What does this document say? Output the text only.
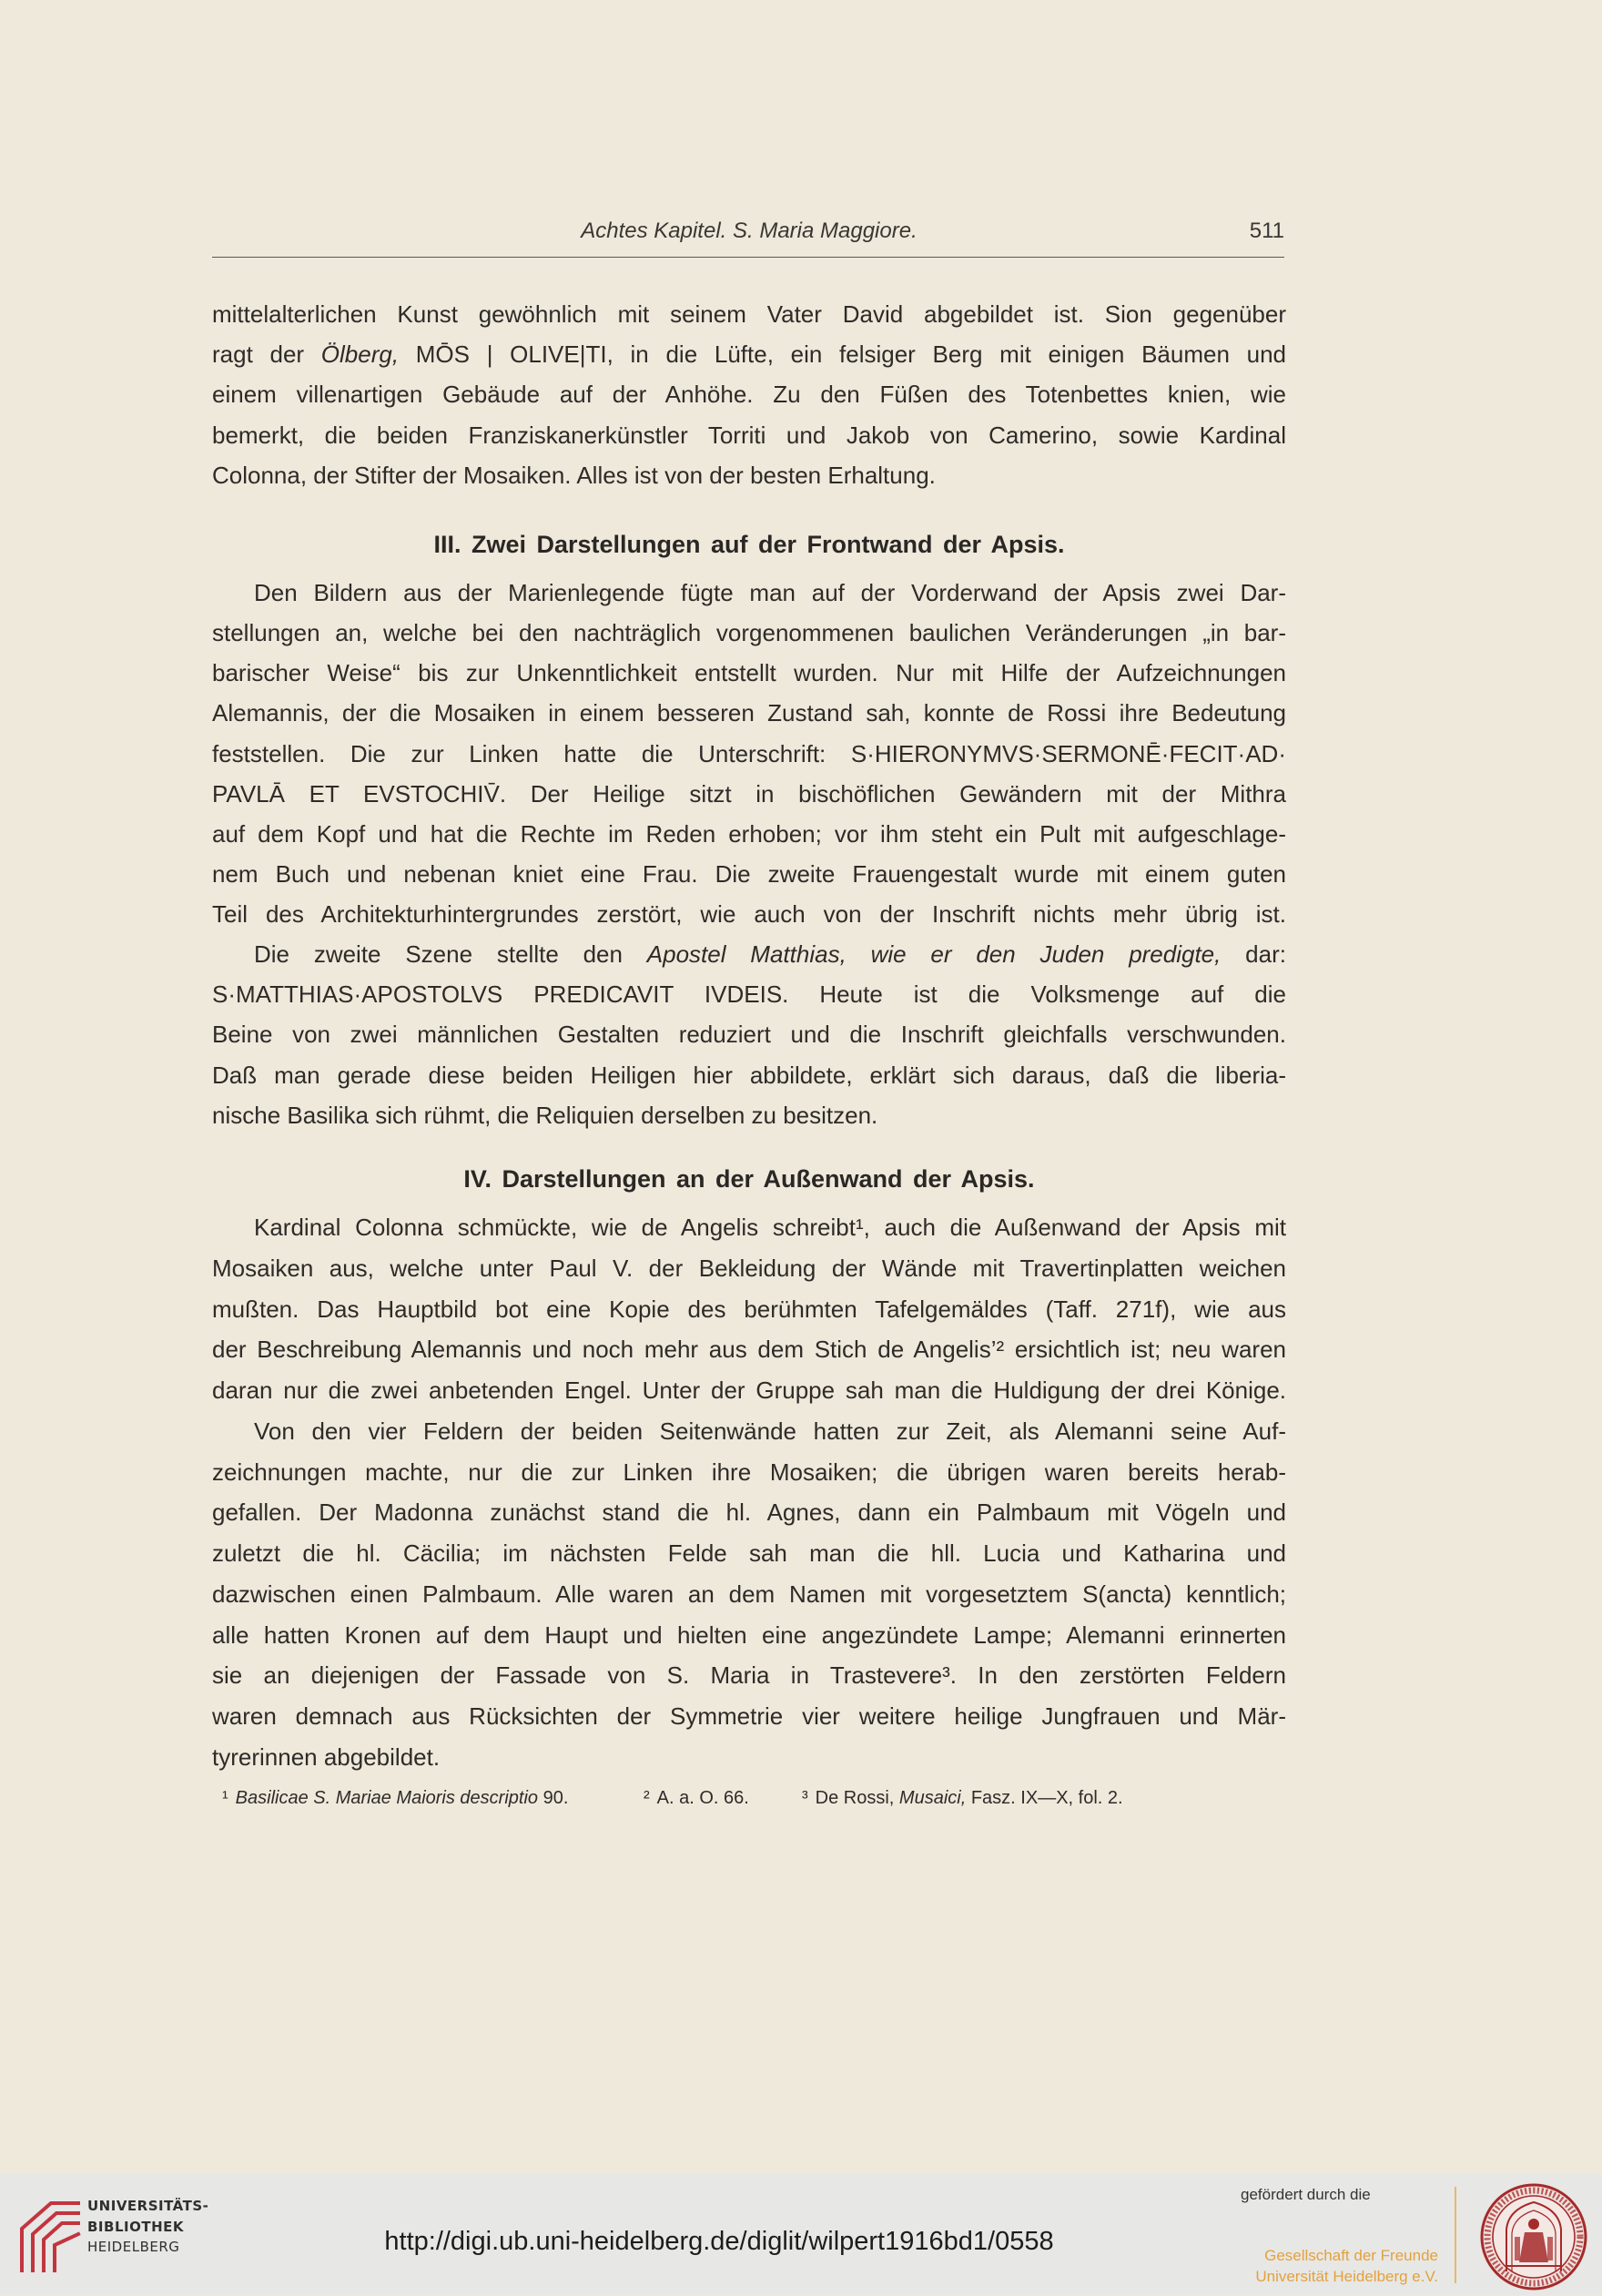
Achtes Kapitel. S. Maria Maggiore.	511
mittelalterlichen Kunst gewöhnlich mit seinem Vater David abgebildet ist. Sion gegenüber
ragt der Ölberg, MŌS | OLIVE|TI, in die Lüfte, ein felsiger Berg mit einigen Bäumen und
einem villenartigen Gebäude auf der Anhöhe. Zu den Füßen des Totenbettes knien, wie
bemerkt, die beiden Franziskanerkünstler Torriti und Jakob von Camerino, sowie Kardinal
Colonna, der Stifter der Mosaiken. Alles ist von der besten Erhaltung.
III. Zwei Darstellungen auf der Frontwand der Apsis.
Den Bildern aus der Marienlegende fügte man auf der Vorderwand der Apsis zwei Dar-
stellungen an, welche bei den nachträglich vorgenommenen baulichen Veränderungen „in bar-
barischer Weise“ bis zur Unkenntlichkeit entstellt wurden. Nur mit Hilfe der Aufzeichnungen
Alemannis, der die Mosaiken in einem besseren Zustand sah, konnte de Rossi ihre Bedeutung
feststellen. Die zur Linken hatte die Unterschrift: S·HIERONYMVS·SERMONĒ·FECIT·AD·
PAVLĀ ET EVSTOCHIV̄. Der Heilige sitzt in bischöflichen Gewändern mit der Mithra
auf dem Kopf und hat die Rechte im Reden erhoben; vor ihm steht ein Pult mit aufgeschlage-
nem Buch und nebenan kniet eine Frau. Die zweite Frauengestalt wurde mit einem guten
Teil des Architekturhintergrundes zerstört, wie auch von der Inschrift nichts mehr übrig ist.
Die zweite Szene stellte den Apostel Matthias, wie er den Juden predigte, dar:
S·MATTHIAS·APOSTOLVS PREDICAVIT IVDEIS. Heute ist die Volksmenge auf die
Beine von zwei männlichen Gestalten reduziert und die Inschrift gleichfalls verschwunden.
Daß man gerade diese beiden Heiligen hier abbildete, erklärt sich daraus, daß die liberia-
nische Basilika sich rühmt, die Reliquien derselben zu besitzen.
IV. Darstellungen an der Außenwand der Apsis.
Kardinal Colonna schmückte, wie de Angelis schreibt¹, auch die Außenwand der Apsis mit
Mosaiken aus, welche unter Paul V. der Bekleidung der Wände mit Travertinplatten weichen
mußten. Das Hauptbild bot eine Kopie des berühmten Tafelgemäldes (Taff. 271f), wie aus
der Beschreibung Alemannis und noch mehr aus dem Stich de Angelis’² ersichtlich ist; neu waren
daran nur die zwei anbetenden Engel. Unter der Gruppe sah man die Huldigung der drei Könige.
Von den vier Feldern der beiden Seitenwände hatten zur Zeit, als Alemanni seine Auf-
zeichnungen machte, nur die zur Linken ihre Mosaiken; die übrigen waren bereits herab-
gefallen. Der Madonna zunächst stand die hl. Agnes, dann ein Palmbaum mit Vögeln und
zuletzt die hl. Cäcilia; im nächsten Felde sah man die hll. Lucia und Katharina und
dazwischen einen Palmbaum. Alle waren an dem Namen mit vorgesetztem S(ancta) kenntlich;
alle hatten Kronen auf dem Haupt und hielten eine angezündete Lampe; Alemanni erinnerten
sie an diejenigen der Fassade von S. Maria in Trastevere³. In den zerstörten Feldern
waren demnach aus Rücksichten der Symmetrie vier weitere heilige Jungfrauen und Mär-
tyrerinnen abgebildet.
¹ Basilicae S. Mariae Maioris descriptio 90.	² A. a. O. 66.	³ De Rossi, Musaici, Fasz. IX—X, fol. 2.
UNIVERSITÄTS-
BIBLIOTHEK
HEIDELBERG	http://digi.ub.uni-heidelberg.de/diglit/wilpert1916bd1/0558
gefördert durch die
Gesellschaft der Freunde
Universität Heidelberg e.V.
